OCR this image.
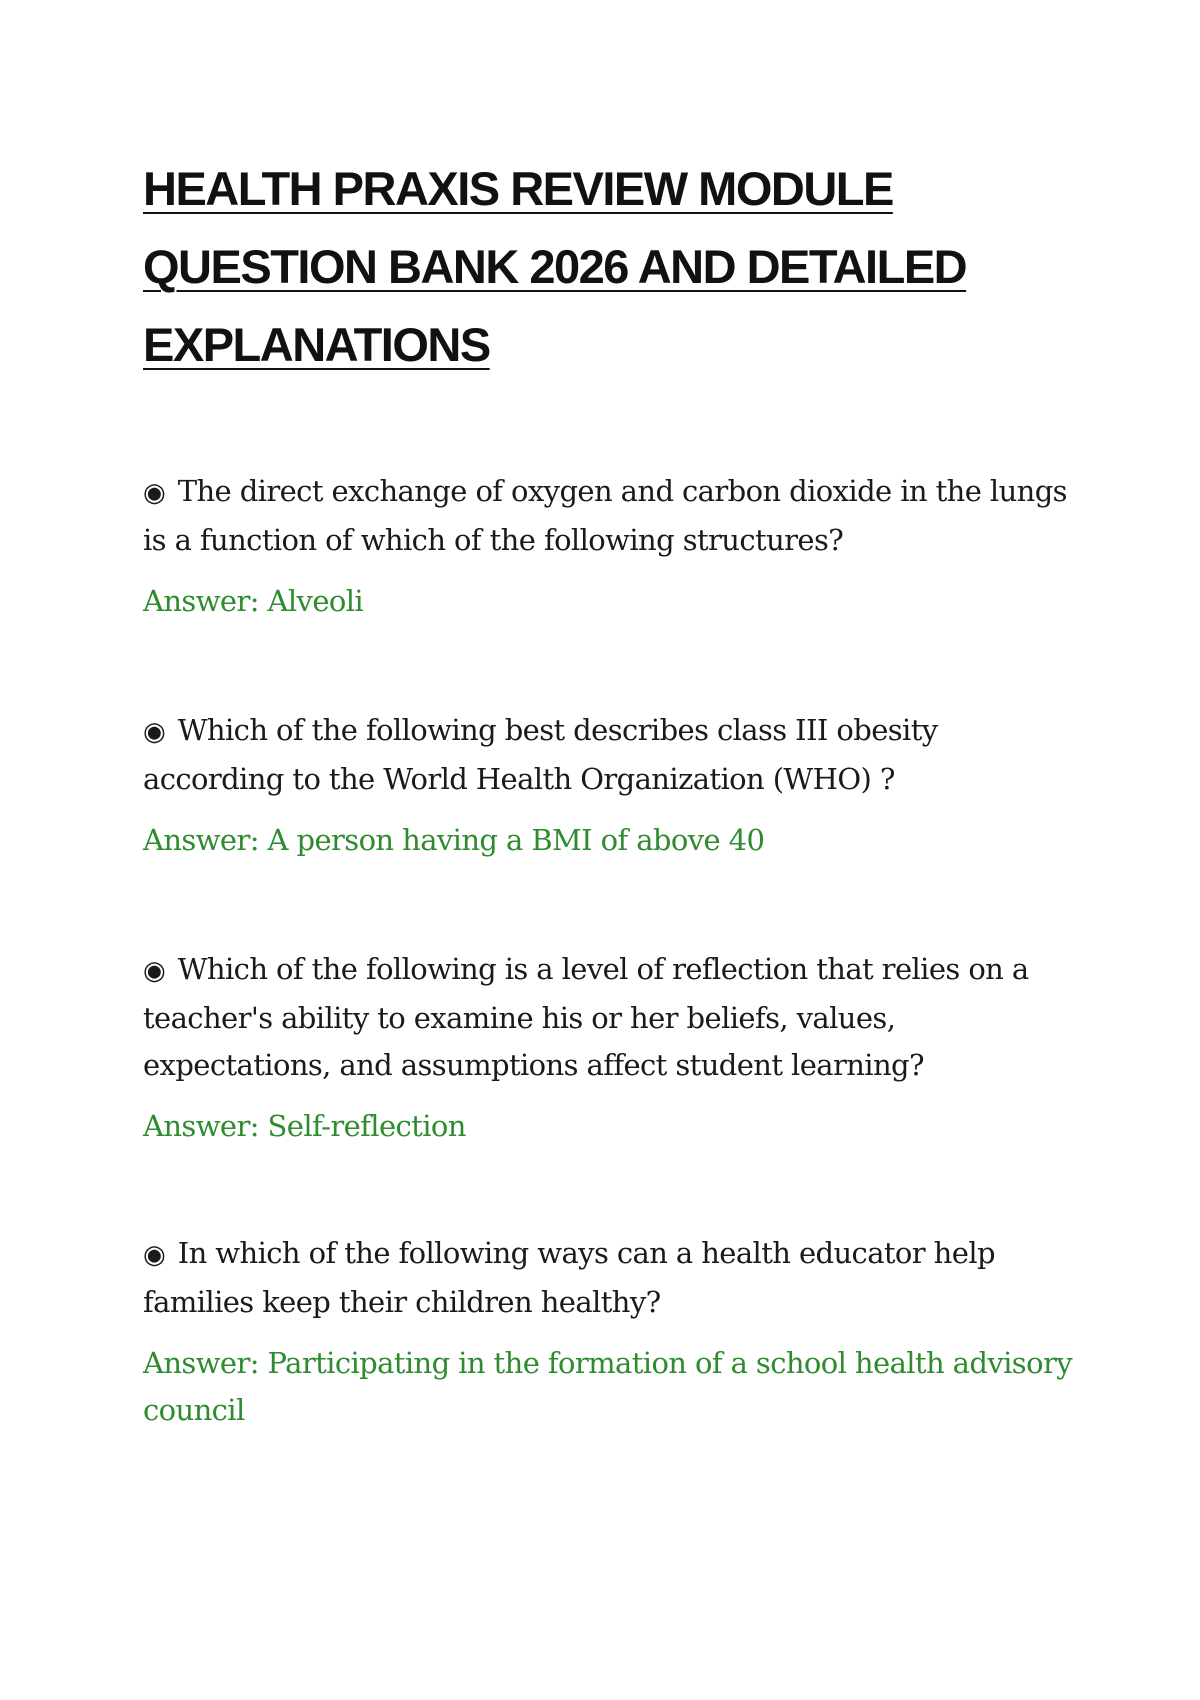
HEALTH PRAXIS REVIEW MODULE
QUESTION BANK 2026 AND DETAILED
EXPLANATIONS

◉ The direct exchange of oxygen and carbon dioxide in the lungs is a function of which of the following structures?

Answer: Alveoli

◉ Which of the following best describes class III obesity according to the World Health Organization (WHO) ?

Answer: A person having a BMI of above 40

◉ Which of the following is a level of reflection that relies on a teacher's ability to examine his or her beliefs, values, expectations, and assumptions affect student learning?

Answer: Self-reflection

◉ In which of the following ways can a health educator help families keep their children healthy?

Answer: Participating in the formation of a school health advisory council
